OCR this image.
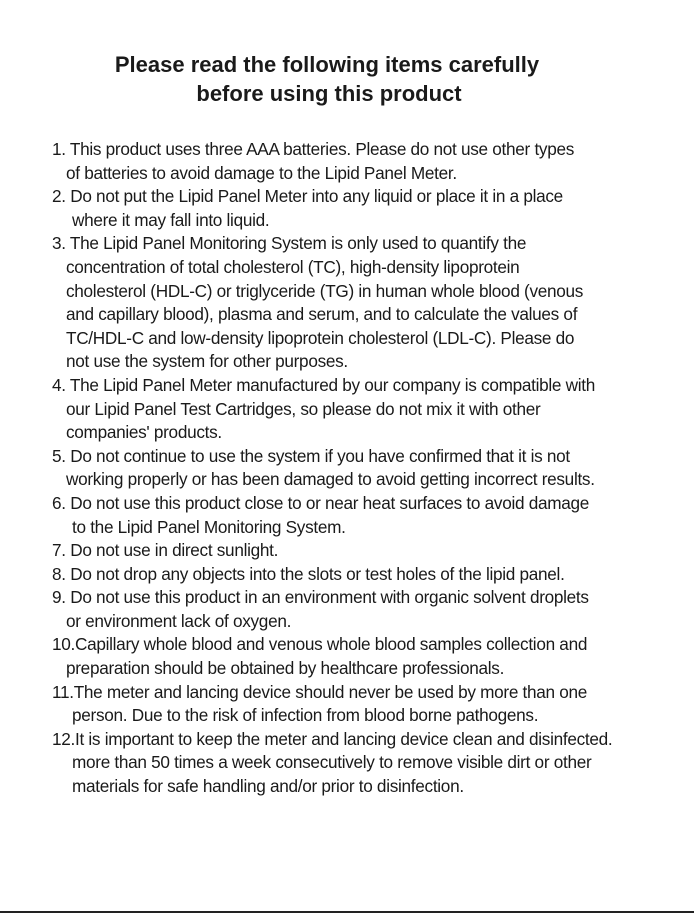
Please read the following items carefully
before using this product
1. This product uses three AAA batteries. Please do not use other types
of batteries to avoid damage to the Lipid Panel Meter.
2. Do not put the Lipid Panel Meter into any liquid or place it in a place
where it may fall into liquid.
3. The Lipid Panel Monitoring System is only used to quantify the
concentration of total cholesterol (TC), high-density lipoprotein
cholesterol (HDL-C) or triglyceride (TG) in human whole blood (venous
and capillary blood), plasma and serum, and to calculate the values of
TC/HDL-C and low-density lipoprotein cholesterol (LDL-C). Please do
not use the system for other purposes.
4. The Lipid Panel Meter manufactured by our company is compatible with
our Lipid Panel Test Cartridges, so please do not mix it with other
companies' products.
5. Do not continue to use the system if you have confirmed that it is not
working properly or has been damaged to avoid getting incorrect results.
6. Do not use this product close to or near heat surfaces to avoid damage
to the Lipid Panel Monitoring System.
7. Do not use in direct sunlight.
8. Do not drop any objects into the slots or test holes of the lipid panel.
9. Do not use this product in an environment with organic solvent droplets
or environment lack of oxygen.
10.Capillary whole blood and venous whole blood samples collection and
preparation should be obtained by healthcare professionals.
11.The meter and lancing device should never be used by more than one
person. Due to the risk of infection from blood borne pathogens.
12.It is important to keep the meter and lancing device clean and disinfected.
more than 50 times a week consecutively to remove visible dirt or other
materials for safe handling and/or prior to disinfection.
